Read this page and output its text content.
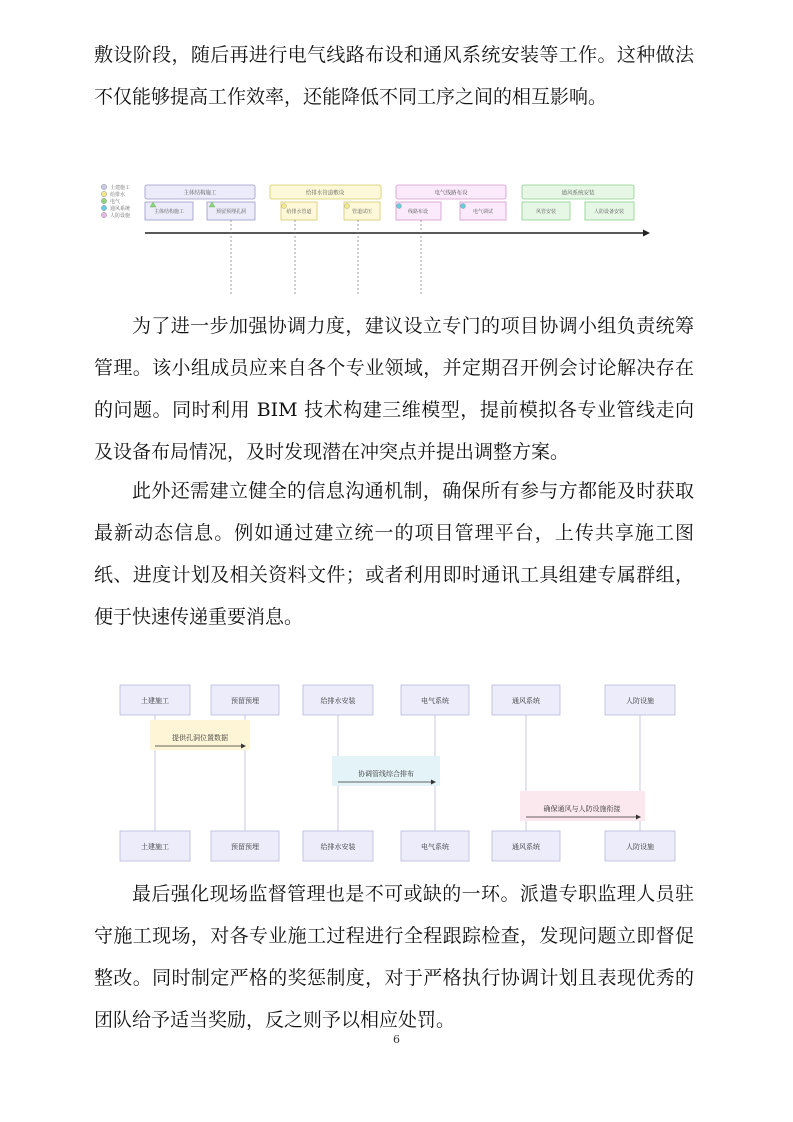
敷设阶段，随后再进行电气线路布设和通风系统安装等工作。这种做法不仅能够提高工作效率，还能降低不同工序之间的相互影响。

土建施工
给排水
电气
通风系统
人防设施
主体结构施工
主体结构施工	预留预埋孔洞
给排水管道敷设
给排水管道	管道试压
电气线路布设
线路布设	电气调试
通风系统安装
风管安装	人防设备安装

为了进一步加强协调力度，建议设立专门的项目协调小组负责统筹管理。该小组成员应来自各个专业领域，并定期召开例会讨论解决存在的问题。同时利用 BIM 技术构建三维模型，提前模拟各专业管线走向及设备布局情况，及时发现潜在冲突点并提出调整方案。

此外还需建立健全的信息沟通机制，确保所有参与方都能及时获取最新动态信息。例如通过建立统一的项目管理平台，上传共享施工图纸、进度计划及相关资料文件；或者利用即时通讯工具组建专属群组，便于快速传递重要消息。

提供孔洞位置数据
协调管线综合排布
确保通风与人防设施衔接
土建施工	预留预埋	给排水安装	电气系统	通风系统	人防设施
土建施工	预留预埋	给排水安装	电气系统	通风系统	人防设施

最后强化现场监督管理也是不可或缺的一环。派遣专职监理人员驻守施工现场，对各专业施工过程进行全程跟踪检查，发现问题立即督促整改。同时制定严格的奖惩制度，对于严格执行协调计划且表现优秀的团队给予适当奖励，反之则予以相应处罚。

6
